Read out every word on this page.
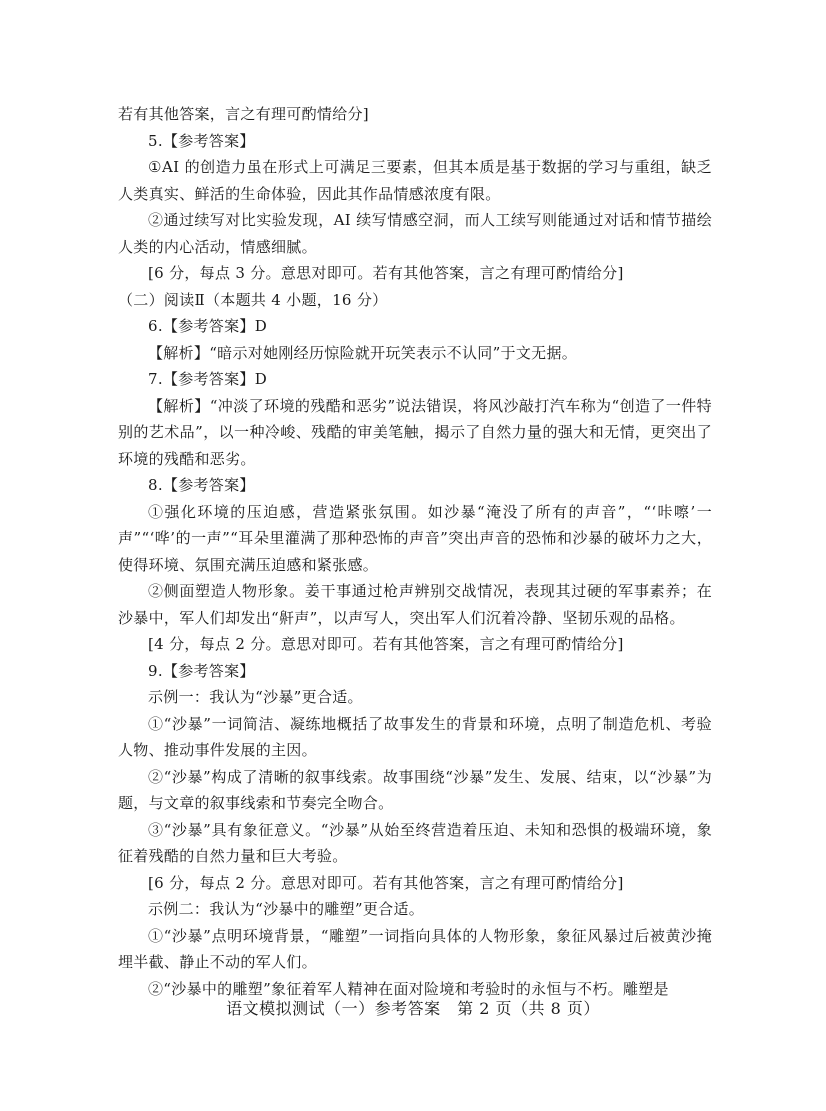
若有其他答案，言之有理可酌情给分]

5.【参考答案】

①AI 的创造力虽在形式上可满足三要素，但其本质是基于数据的学习与重组，缺乏人类真实、鲜活的生命体验，因此其作品情感浓度有限。

②通过续写对比实验发现，AI 续写情感空洞，而人工续写则能通过对话和情节描绘人类的内心活动，情感细腻。

[6 分，每点 3 分。意思对即可。若有其他答案，言之有理可酌情给分]

（二）阅读Ⅱ（本题共 4 小题，16 分）

6.【参考答案】D

【解析】“暗示对她刚经历惊险就开玩笑表示不认同”于文无据。

7.【参考答案】D

【解析】“冲淡了环境的残酷和恶劣”说法错误，将风沙敲打汽车称为“创造了一件特别的艺术品”，以一种冷峻、残酷的审美笔触，揭示了自然力量的强大和无情，更突出了环境的残酷和恶劣。

8.【参考答案】

①强化环境的压迫感，营造紧张氛围。如沙暴“淹没了所有的声音”，“‘咔嚓’一声”“‘哗’的一声”“耳朵里灌满了那种恐怖的声音”突出声音的恐怖和沙暴的破坏力之大，使得环境、氛围充满压迫感和紧张感。

②侧面塑造人物形象。姜干事通过枪声辨别交战情况，表现其过硬的军事素养；在沙暴中，军人们却发出“鼾声”，以声写人，突出军人们沉着冷静、坚韧乐观的品格。

[4 分，每点 2 分。意思对即可。若有其他答案，言之有理可酌情给分]

9.【参考答案】

示例一：我认为“沙暴”更合适。

①“沙暴”一词简洁、凝练地概括了故事发生的背景和环境，点明了制造危机、考验人物、推动事件发展的主因。

②“沙暴”构成了清晰的叙事线索。故事围绕“沙暴”发生、发展、结束，以“沙暴”为题，与文章的叙事线索和节奏完全吻合。

③“沙暴”具有象征意义。“沙暴”从始至终营造着压迫、未知和恐惧的极端环境，象征着残酷的自然力量和巨大考验。

[6 分，每点 2 分。意思对即可。若有其他答案，言之有理可酌情给分]

示例二：我认为“沙暴中的雕塑”更合适。

①“沙暴”点明环境背景，“雕塑”一词指向具体的人物形象，象征风暴过后被黄沙掩埋半截、静止不动的军人们。

②“沙暴中的雕塑”象征着军人精神在面对险境和考验时的永恒与不朽。雕塑是

语文模拟测试（一）参考答案　第 2 页（共 8 页）
